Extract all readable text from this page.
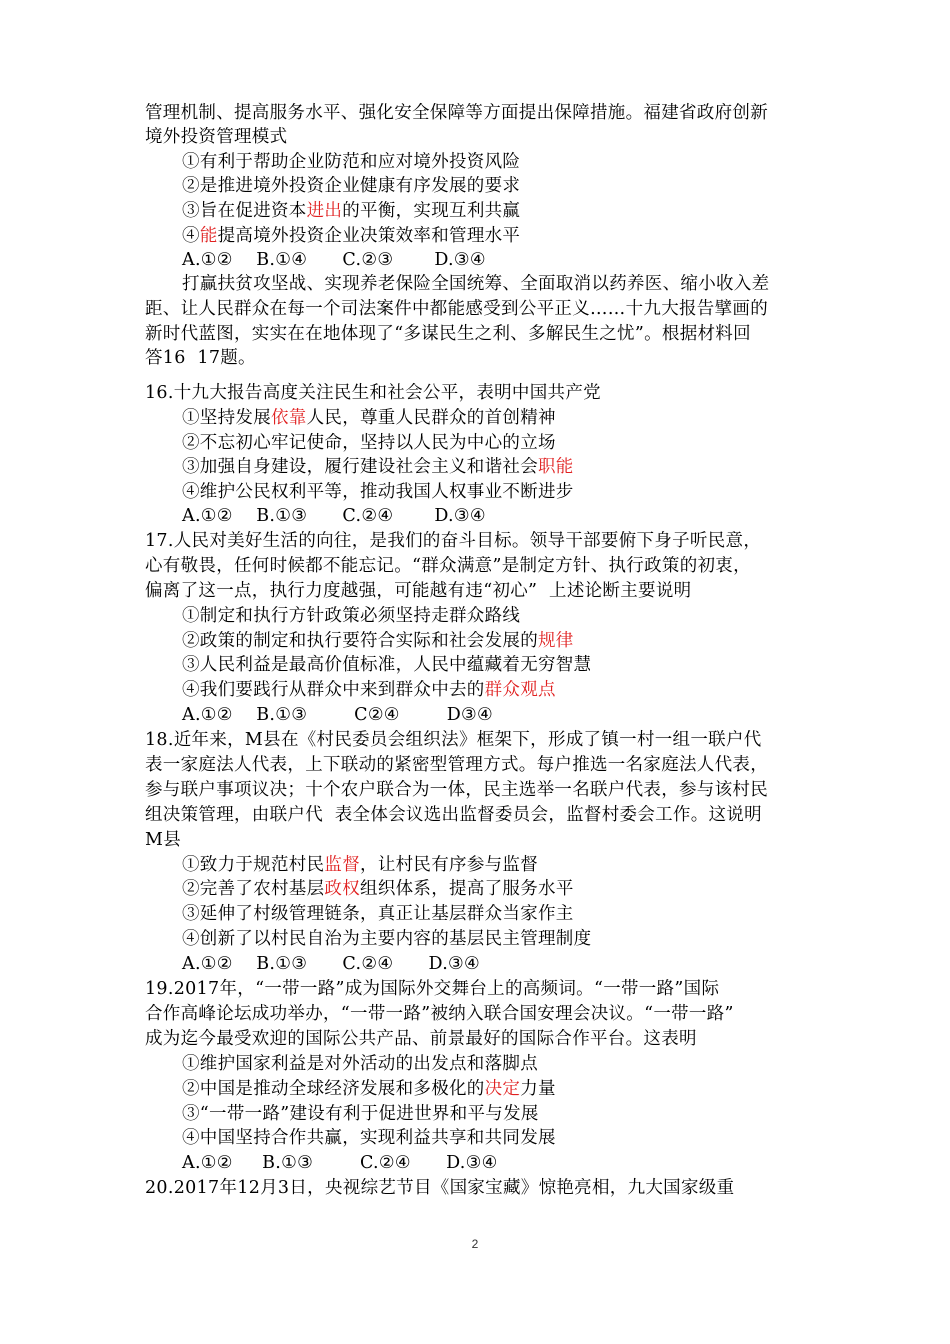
管理机制、提高服务水平、强化安全保障等方面提出保障措施。福建省政府创新
境外投资管理模式
①有利于帮助企业防范和应对境外投资风险
②是推进境外投资企业健康有序发展的要求
③旨在促进资本进出的平衡，实现互利共赢
④能提高境外投资企业决策效率和管理水平
A.①②    B.①④      C.②③       D.③④
打赢扶贫攻坚战、实现养老保险全国统筹、全面取消以药养医、缩小收入差
距、让人民群众在每一个司法案件中都能感受到公平正义……十九大报告擘画的
新时代蓝图，实实在在地体现了“多谋民生之利、多解民生之忧”。根据材料回
答16  17题。
16.十九大报告高度关注民生和社会公平，表明中国共产党
①坚持发展依靠人民，尊重人民群众的首创精神
②不忘初心牢记使命，坚持以人民为中心的立场
③加强自身建设，履行建设社会主义和谐社会职能
④维护公民权利平等，推动我国人权事业不断进步
A.①②    B.①③      C.②④       D.③④
17.人民对美好生活的向往，是我们的奋斗目标。领导干部要俯下身子听民意，
心有敬畏，任何时候都不能忘记。“群众满意”是制定方针、执行政策的初衷，
偏离了这一点，执行力度越强，可能越有违“初心”  上述论断主要说明
①制定和执行方针政策必须坚持走群众路线
②政策的制定和执行要符合实际和社会发展的规律
③人民利益是最高价值标准，人民中蕴藏着无穷智慧
④我们要践行从群众中来到群众中去的群众观点
A.①②    B.①③        C②④        D③④
18.近年来，M县在《村民委员会组织法》框架下，形成了镇一村一组一联户代
表一家庭法人代表，上下联动的紧密型管理方式。每户推选一名家庭法人代表，
参与联户事项议决；十个农户联合为一体，民主选举一名联户代表，参与该村民
组决策管理，由联户代  表全体会议选出监督委员会，监督村委会工作。这说明
M县
①致力于规范村民监督，让村民有序参与监督
②完善了农村基层政权组织体系，提高了服务水平
③延伸了村级管理链条，真正让基层群众当家作主
④创新了以村民自治为主要内容的基层民主管理制度
A.①②    B.①③      C.②④      D.③④
19.2017年，“一带一路”成为国际外交舞台上的高频词。“一带一路”国际
合作高峰论坛成功举办，“一带一路”被纳入联合国安理会决议。“一带一路”
成为迄今最受欢迎的国际公共产品、前景最好的国际合作平台。这表明
①维护国家利益是对外活动的出发点和落脚点
②中国是推动全球经济发展和多极化的决定力量
③“一带一路”建设有利于促进世界和平与发展
④中国坚持合作共赢，实现利益共享和共同发展
A.①②     B.①③        C.②④      D.③④
20.2017年12月3日，央视综艺节目《国家宝藏》惊艳亮相，九大国家级重
2
